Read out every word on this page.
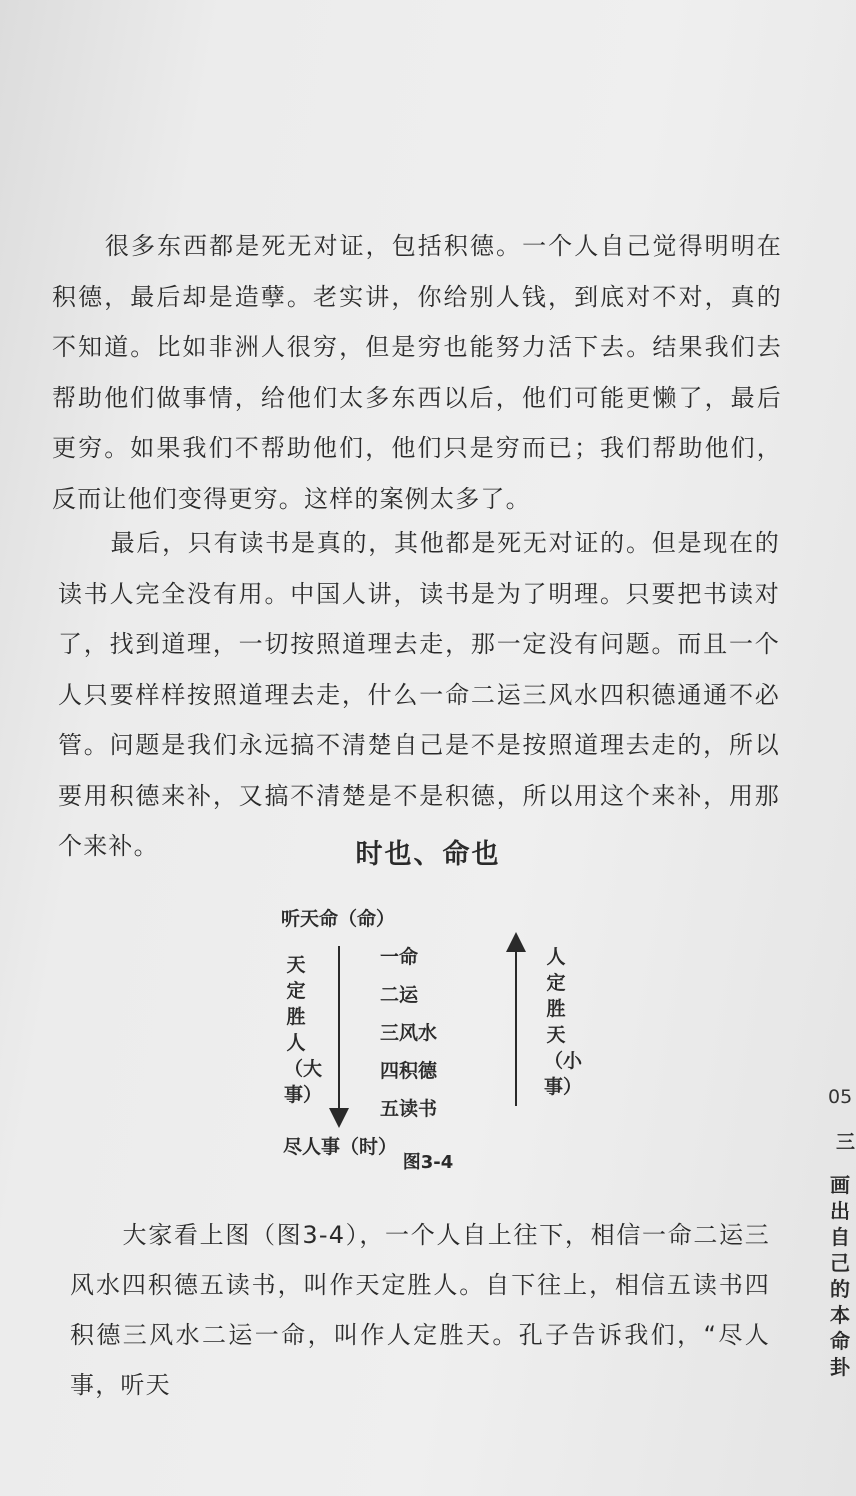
很多东西都是死无对证，包括积德。一个人自己觉得明明在积德，最后却是造孽。老实讲，你给别人钱，到底对不对，真的不知道。比如非洲人很穷，但是穷也能努力活下去。结果我们去帮助他们做事情，给他们太多东西以后，他们可能更懒了，最后更穷。如果我们不帮助他们，他们只是穷而已；我们帮助他们，反而让他们变得更穷。这样的案例太多了。

最后，只有读书是真的，其他都是死无对证的。但是现在的读书人完全没有用。中国人讲，读书是为了明理。只要把书读对了，找到道理，一切按照道理去走，那一定没有问题。而且一个人只要样样按照道理去走，什么一命二运三风水四积德通通不必管。问题是我们永远搞不清楚自己是不是按照道理去走的，所以要用积德来补，又搞不清楚是不是积德，所以用这个来补，用那个来补。	时也、命也
听天命（命）
天定胜人（大事）
一命
二运
三风水
四积德
五读书
人定胜天（小事）
尽人事（时）
图3-4

大家看上图（图3-4），一个人自上往下，相信一命二运三风水四积德五读书，叫作天定胜人。自下往上，相信五读书四积德三风水二运一命，叫作人定胜天。孔子告诉我们，“尽人事，听天

05
三
画出自己的本命卦
